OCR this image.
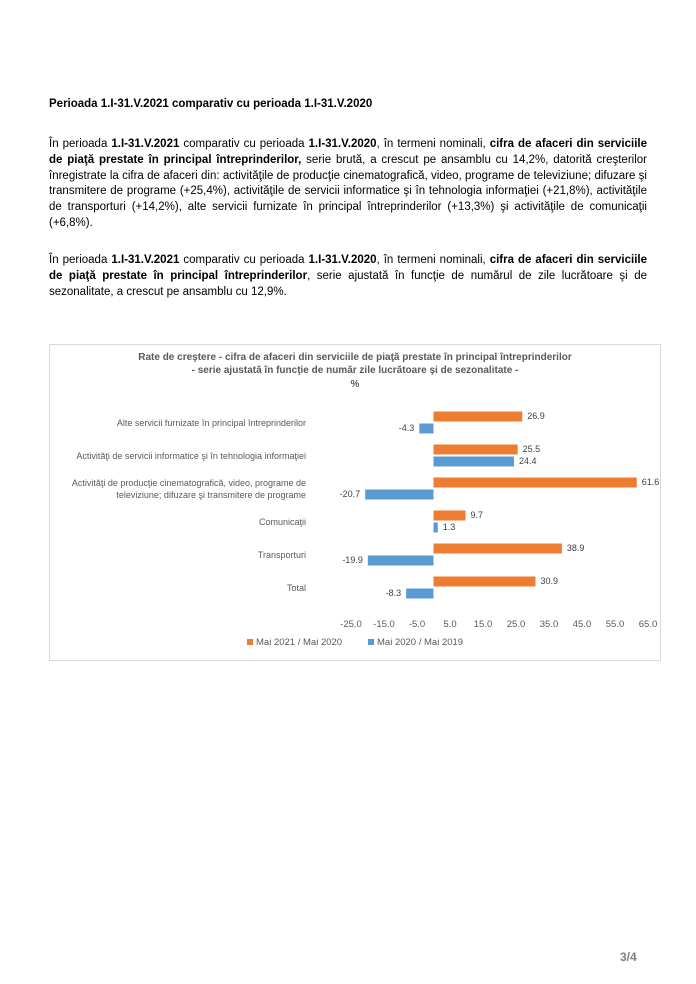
Perioada 1.I-31.V.2021 comparativ cu perioada 1.I-31.V.2020

În perioada 1.I-31.V.2021 comparativ cu perioada 1.I-31.V.2020, în termeni nominali, cifra de afaceri din serviciile de piaţă prestate în principal întreprinderilor, serie brută, a crescut pe ansamblu cu 14,2%, datorită creşterilor înregistrate la cifra de afaceri din: activităţile de producţie cinematografică, video, programe de televiziune; difuzare şi transmitere de programe (+25,4%), activităţile de servicii informatice şi în tehnologia informaţiei (+21,8%), activităţile de transporturi (+14,2%), alte servicii furnizate în principal întreprinderilor (+13,3%) şi activităţile de comunicaţii (+6,8%).

În perioada 1.I-31.V.2021 comparativ cu perioada 1.I-31.V.2020, în termeni nominali, cifra de afaceri din serviciile de piaţă prestate în principal întreprinderilor, serie ajustată în funcţie de numărul de zile lucrătoare şi de sezonalitate, a crescut pe ansamblu cu 12,9%.

Rate de creştere - cifra de afaceri din serviciile de piaţă prestate în principal întreprinderilor
- serie ajustată în funcţie de număr zile lucrătoare şi de sezonalitate -
%
Alte servicii furnizate în principal întreprinderilor
26.9
-4.3
Activităţi de servicii informatice şi în tehnologia informaţiei
25.5
24.4
Activităţi de producţie cinematografică, video, programe de
televiziune; difuzare şi transmitere de programe
61.6
-20.7
Comunicaţii
9.7
1.3
Transporturi
38.9
-19.9
Total
30.9
-8.3
-25.0 -15.0 -5.0 5.0 15.0 25.0 35.0 45.0 55.0 65.0
Mai 2021 / Mai 2020	Mai 2020 / Mai 2019
3/4
